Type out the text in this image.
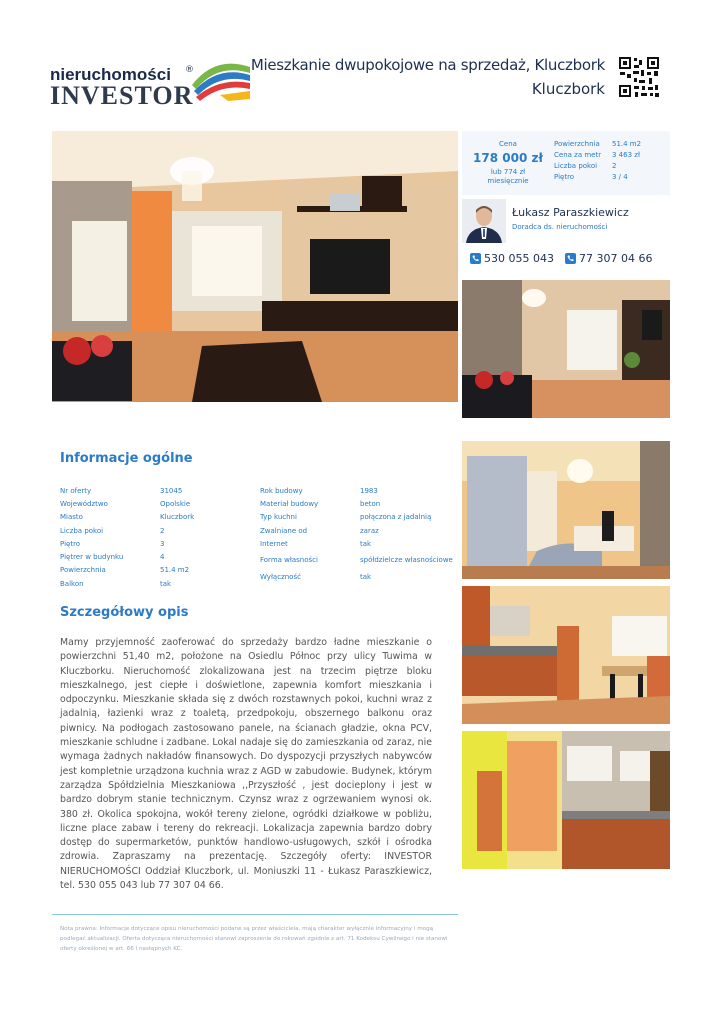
nieruchomości ®
INVESTOR
Mieszkanie dwupokojowe na sprzedaż, Kluczbork
Kluczbork
Cena
178 000 zł
lub 774 zł
miesięcznie
Powierzchnia	51.4 m2
Cena za metr	3 463 zł
Liczba pokoi	2
Piętro	3 / 4
Łukasz Paraszkiewicz
Doradca ds. nieruchomości
530 055 043 77 307 04 66
Informacje ogólne
Nr oferty	31045
Województwo	Opolskie
Miasto	Kluczbork
Liczba pokoi	2
Piętro	3
Piętrer w budynku	4
Powierzchnia	51.4 m2
Balkon	tak
Rok budowy	1983
Materiał budowy	beton
Typ kuchni	połączona z jadalnią
Zwalniane od	zaraz
Internet	tak
Forma własności	spółdzielcze własnościowe
Wyłączność	tak
Szczegółowy opis
Mamy przyjemność zaoferować do sprzedaży bardzo ładne mieszkanie o powierzchni 51,40 m2, położone na Osiedlu Północ przy ulicy Tuwima w Kluczborku. Nieruchomość zlokalizowana jest na trzecim piętrze bloku mieszkalnego, jest ciepłe i doświetlone, zapewnia komfort mieszkania i odpoczynku. Mieszkanie składa się z dwóch rozstawnych pokoi, kuchni wraz z jadalnią, łazienki wraz z toaletą, przedpokoju, obszernego balkonu oraz piwnicy. Na podłogach zastosowano panele, na ścianach gładzie, okna PCV, mieszkanie schludne i zadbane. Lokal nadaje się do zamieszkania od zaraz, nie wymaga żadnych nakładów finansowych. Do dyspozycji przyszłych nabywców jest kompletnie urządzona kuchnia wraz z AGD w zabudowie. Budynek, którym zarządza Spółdzielnia Mieszkaniowa ,,Przyszłość , jest docieplony i jest w bardzo dobrym stanie technicznym. Czynsz wraz z ogrzewaniem wynosi ok. 380 zł. Okolica spokojna, wokół tereny zielone, ogródki działkowe w pobliżu, liczne place zabaw i tereny do rekreacji. Lokalizacja zapewnia bardzo dobry dostęp do supermarketów, punktów handlowo-usługowych, szkół i ośrodka zdrowia. Zapraszamy na prezentację. Szczegóły oferty: INVESTOR NIERUCHOMOŚCI Oddział Kluczbork, ul. Moniuszki 11 - Łukasz Paraszkiewicz, tel. 530 055 043 lub 77 307 04 66.
Nota prawna: Informacje dotyczące opisu nieruchomości podane są przez właściciela, mają charakter wyłącznie informacyjny i mogą podlegać aktualizacji. Oferta dotycząca nieruchomości stanowi zaproszenie do rokowań zgodnie z art. 71 Kodeksu Cywilnego i nie stanowi oferty określonej w art. 66 i następnych KC.
